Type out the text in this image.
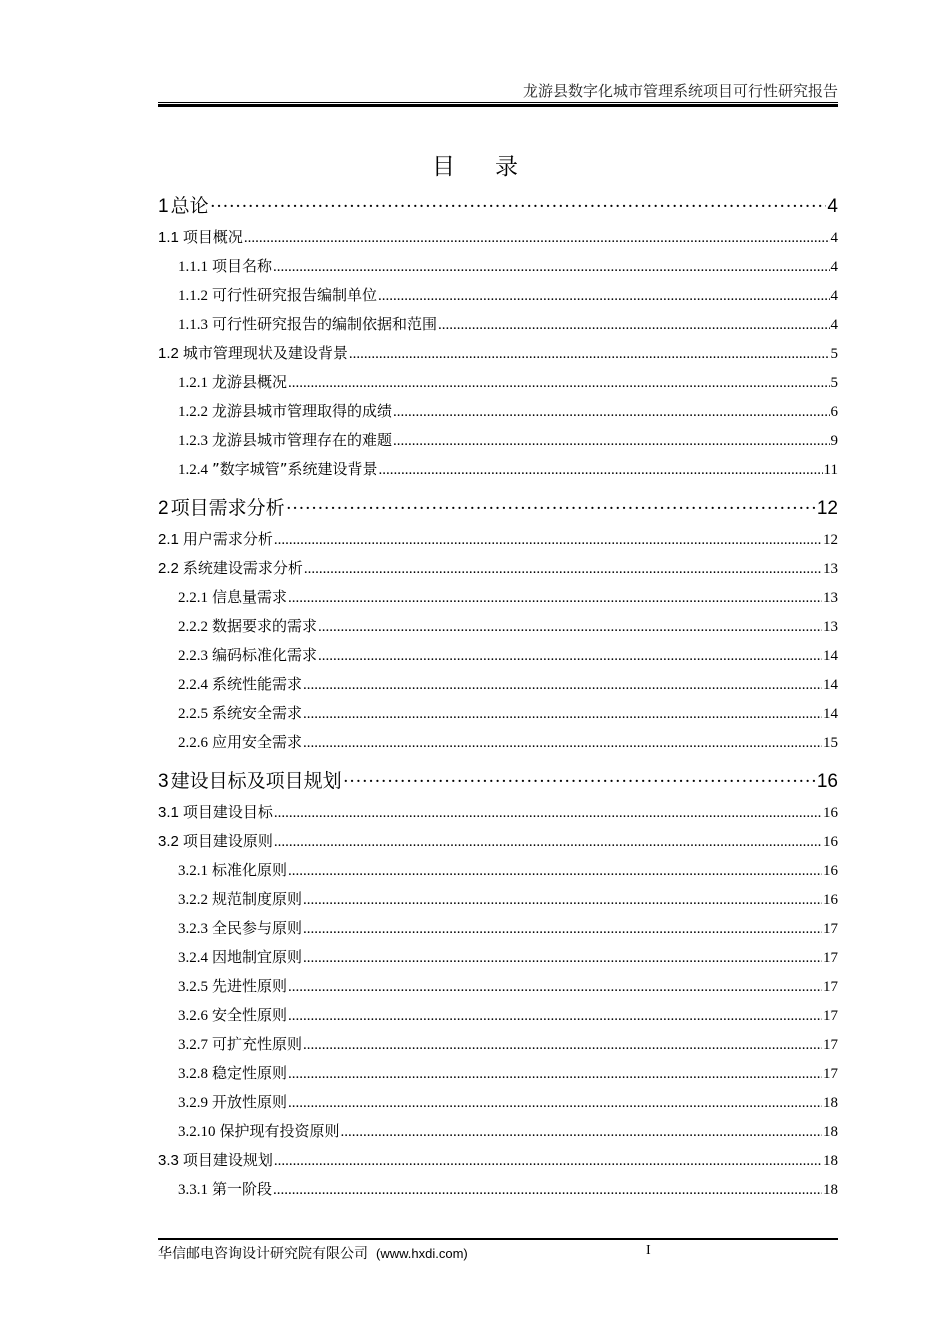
龙游县数字化城市管理系统项目可行性研究报告
目录
1 总论 ·····	4
1.1 项目概况 .....	4
1.1.1 项目名称 .....	4
1.1.2 可行性研究报告编制单位 .....	4
1.1.3 可行性研究报告的编制依据和范围 .....	4
1.2 城市管理现状及建设背景 .....	5
1.2.1 龙游县概况 .....	5
1.2.2 龙游县城市管理取得的成绩 .....	6
1.2.3 龙游县城市管理存在的难题 .....	9
1.2.4 ”数字城管”系统建设背景 .....	11
2 项目需求分析 ·····	12
2.1 用户需求分析 .....	12
2.2 系统建设需求分析 .....	13
2.2.1 信息量需求 .....	13
2.2.2 数据要求的需求 .....	13
2.2.3 编码标准化需求 .....	14
2.2.4 系统性能需求 .....	14
2.2.5 系统安全需求 .....	14
2.2.6 应用安全需求 .....	15
3 建设目标及项目规划 ·····	16
3.1 项目建设目标 .....	16
3.2 项目建设原则 .....	16
3.2.1 标准化原则 .....	16
3.2.2 规范制度原则 .....	16
3.2.3 全民参与原则 .....	17
3.2.4 因地制宜原则 .....	17
3.2.5 先进性原则 .....	17
3.2.6 安全性原则 .....	17
3.2.7 可扩充性原则 .....	17
3.2.8 稳定性原则 .....	17
3.2.9 开放性原则 .....	18
3.2.10 保护现有投资原则 .....	18
3.3 项目建设规划 .....	18
3.3.1 第一阶段 .....	18
华信邮电咨询设计研究院有限公司 (www.hxdi.com)	I
